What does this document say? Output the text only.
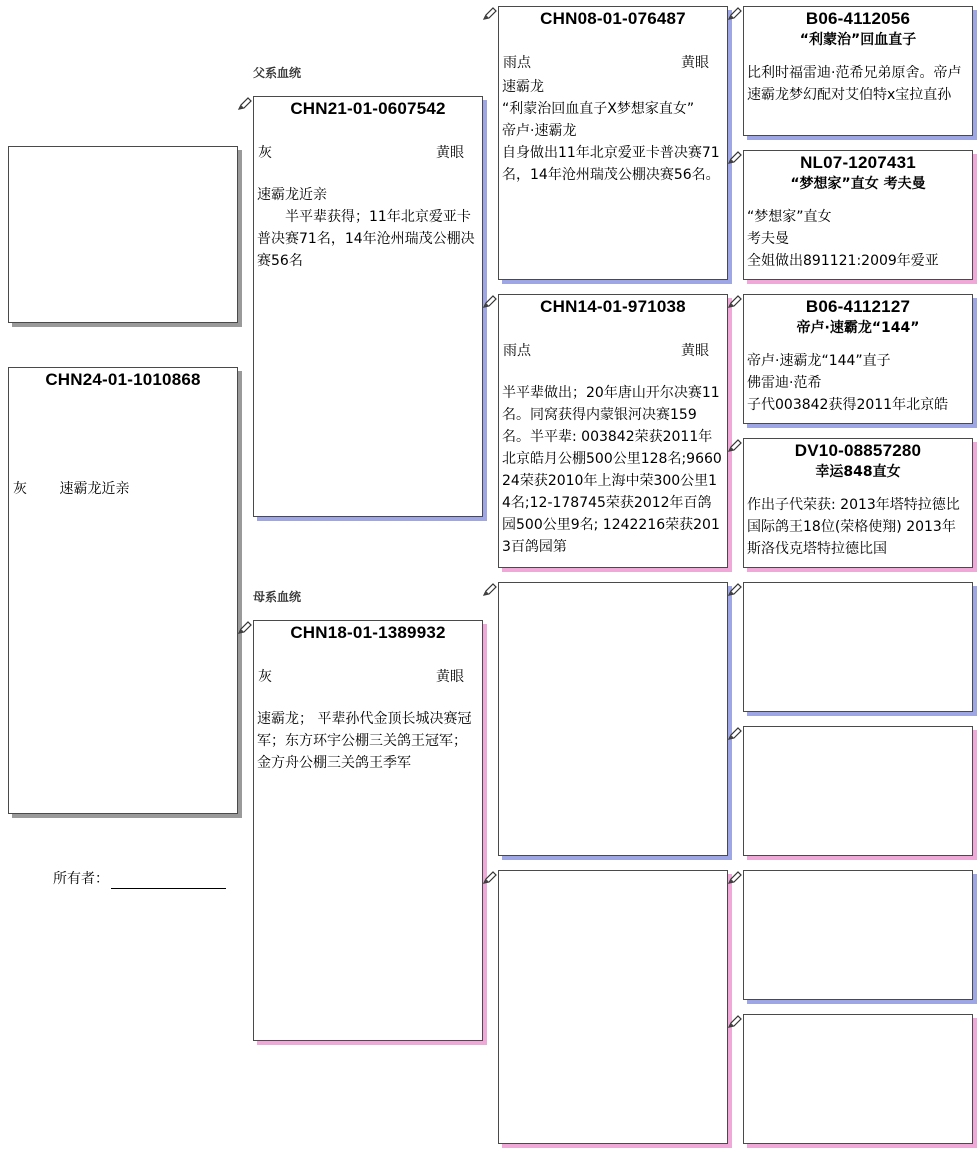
父系血统
母系血统
CHN24-01-1010868
灰 速霸龙近亲
所有者：
CHN21-01-0607542
灰	黄眼
速霸龙近亲
半平辈获得；11年北京爱亚卡普决赛71名，14年沧州瑞茂公棚决赛56名
CHN18-01-1389932
灰	黄眼
速霸龙； 平辈孙代金顶长城决赛冠军；东方环宇公棚三关鸽王冠军；金方舟公棚三关鸽王季军
CHN08-01-076487
雨点	黄眼
速霸龙
“利蒙治回血直子X梦想家直女”
帝卢·速霸龙
自身做出11年北京爱亚卡普决赛71名，14年沧州瑞茂公棚决赛56名。
CHN14-01-971038
雨点	黄眼
半平辈做出；20年唐山开尔决赛11名。同窝获得内蒙银河决赛159名。半平辈: 003842荣获2011年北京皓月公棚500公里128名;966024荣获2010年上海中荣300公里14名;12-178745荣获2012年百鸽园500公里9名; 1242216荣获2013百鸽园第
B06-4112056
“利蒙治”回血直子
比利时福雷迪·范希兄弟原舍。帝卢速霸龙梦幻配对艾伯特x宝拉直孙
NL07-1207431
“梦想家”直女 考夫曼
“梦想家”直女
考夫曼
全姐做出891121:2009年爱亚
B06-4112127
帝卢·速霸龙“144”
帝卢·速霸龙“144”直子
佛雷迪·范希
子代003842获得2011年北京皓
DV10-08857280
幸运848直女
作出子代荣获: 2013年塔特拉德比国际鸽王18位(荣格使翔) 2013年斯洛伐克塔特拉德比国
